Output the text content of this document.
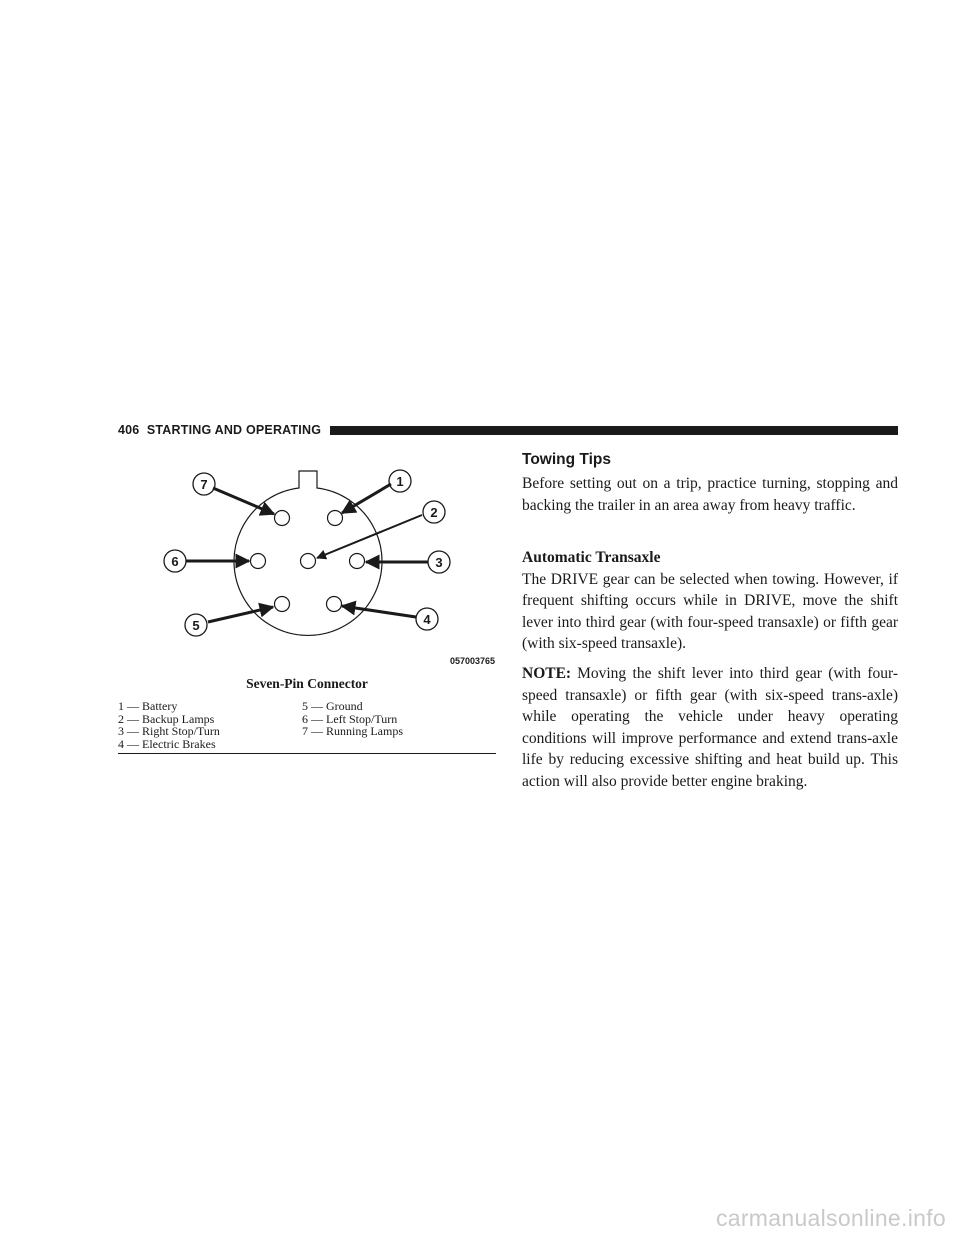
406 STARTING AND OPERATING
7	1
2
6	3
5	4
057003765
Seven-Pin Connector
1 — Battery	5 — Ground
2 — Backup Lamps	6 — Left Stop/Turn
3 — Right Stop/Turn	7 — Running Lamps
4 — Electric Brakes
Towing Tips

Before setting out on a trip, practice turning, stopping and backing the trailer in an area away from heavy traffic.

Automatic Transaxle

The DRIVE gear can be selected when towing. However, if frequent shifting occurs while in DRIVE, move the shift lever into third gear (with four-speed transaxle) or fifth gear (with six-speed transaxle).

NOTE: Moving the shift lever into third gear (with four-speed transaxle) or fifth gear (with six-speed trans-axle) while operating the vehicle under heavy operating conditions will improve performance and extend trans-axle life by reducing excessive shifting and heat build up. This action will also provide better engine braking.

carmanualsonline.info
